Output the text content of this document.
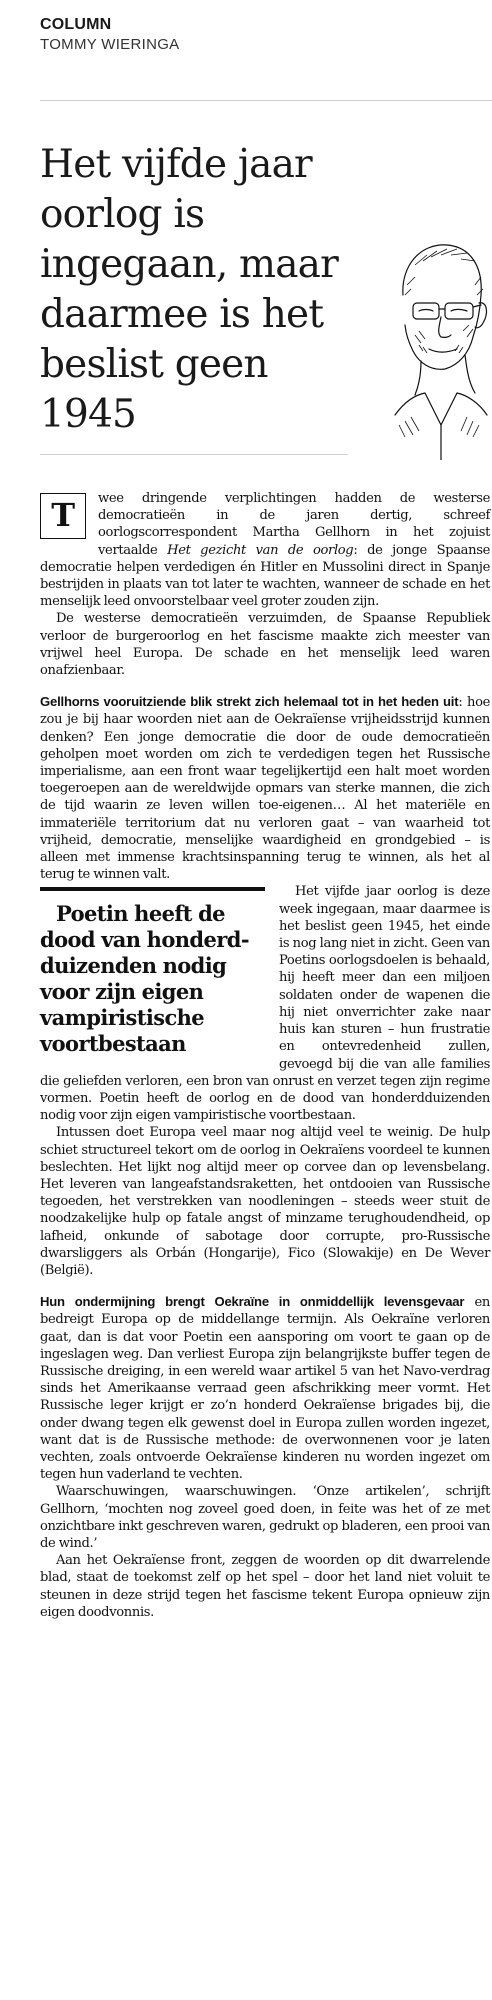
COLUMN
TOMMY WIERINGA
Het vijfde jaar oorlog is ingegaan, maar daarmee is het beslist geen 1945

T	wee dringende verplichtingen hadden de westerse democratieën in de jaren dertig, schreef oorlogscorrespondent Martha Gellhorn in het zojuist vertaalde Het gezicht van de oorlog: de jonge Spaanse democratie helpen verdedigen én Hitler en Mussolini direct in Spanje bestrijden in plaats van tot later te wachten, wanneer de schade en het menselijk leed onvoorstelbaar veel groter zouden zijn.

De westerse democratieën verzuimden, de Spaanse Republiek verloor de burgeroorlog en het fascisme maakte zich meester van vrijwel heel Europa. De schade en het menselijk leed waren onafzienbaar.

Gellhorns vooruitziende blik strekt zich helemaal tot in het heden uit: hoe zou je bij haar woorden niet aan de Oekraïense vrijheidsstrijd kunnen denken? Een jonge democratie die door de oude democratieën geholpen moet worden om zich te verdedigen tegen het Russische imperialisme, aan een front waar tegelijkertijd een halt moet worden toegeroepen aan de wereldwijde opmars van sterke mannen, die zich de tijd waarin ze leven willen toe-eigenen… Al het materiële en immateriële territorium dat nu verloren gaat – van waarheid tot vrijheid, democratie, menselijke waardigheid en grondgebied – is alleen met immense krachtsinspanning terug te winnen, als het al terug te winnen valt.

Poetin heeft de dood van honderd-duizenden nodig voor zijn eigen vampiristische voortbestaan
Het vijfde jaar oorlog is deze week ingegaan, maar daarmee is het beslist geen 1945, het einde is nog lang niet in zicht. Geen van Poetins oorlogsdoelen is behaald, hij heeft meer dan een miljoen soldaten onder de wapenen die hij niet onverrichter zake naar huis kan sturen – hun frustratie en ontevredenheid zullen, gevoegd bij die van alle families die geliefden verloren, een bron van onrust en verzet tegen zijn regime vormen. Poetin heeft de oorlog en de dood van honderdduizenden nodig voor zijn eigen vampiristische voortbestaan.

Intussen doet Europa veel maar nog altijd veel te weinig. De hulp schiet structureel tekort om de oorlog in Oekraïens voordeel te kunnen beslechten. Het lijkt nog altijd meer op corvee dan op levensbelang. Het leveren van langeafstandsraketten, het ontdooien van Russische tegoeden, het verstrekken van noodleningen – steeds weer stuit de noodzakelijke hulp op fatale angst of minzame terughoudendheid, op lafheid, onkunde of sabotage door corrupte, pro-Russische dwarsliggers als Orbán (Hongarije), Fico (Slowakije) en De Wever (België).

Hun ondermijning brengt Oekraïne in onmiddellijk levensgevaar en bedreigt Europa op de middellange termijn. Als Oekraïne verloren gaat, dan is dat voor Poetin een aansporing om voort te gaan op de ingeslagen weg. Dan verliest Europa zijn belangrijkste buffer tegen de Russische dreiging, in een wereld waar artikel 5 van het Navo-verdrag sinds het Amerikaanse verraad geen afschrikking meer vormt. Het Russische leger krijgt er zo’n honderd Oekraïense brigades bij, die onder dwang tegen elk gewenst doel in Europa zullen worden ingezet, want dat is de Russische methode: de overwonnenen voor je laten vechten, zoals ontvoerde Oekraïense kinderen nu worden ingezet om tegen hun vaderland te vechten.

Waarschuwingen, waarschuwingen. ‘Onze artikelen’, schrijft Gellhorn, ‘mochten nog zoveel goed doen, in feite was het of ze met onzichtbare inkt geschreven waren, gedrukt op bladeren, een prooi van de wind.’

Aan het Oekraïense front, zeggen de woorden op dit dwarrelende blad, staat de toekomst zelf op het spel – door het land niet voluit te steunen in deze strijd tegen het fascisme tekent Europa opnieuw zijn eigen doodvonnis.
